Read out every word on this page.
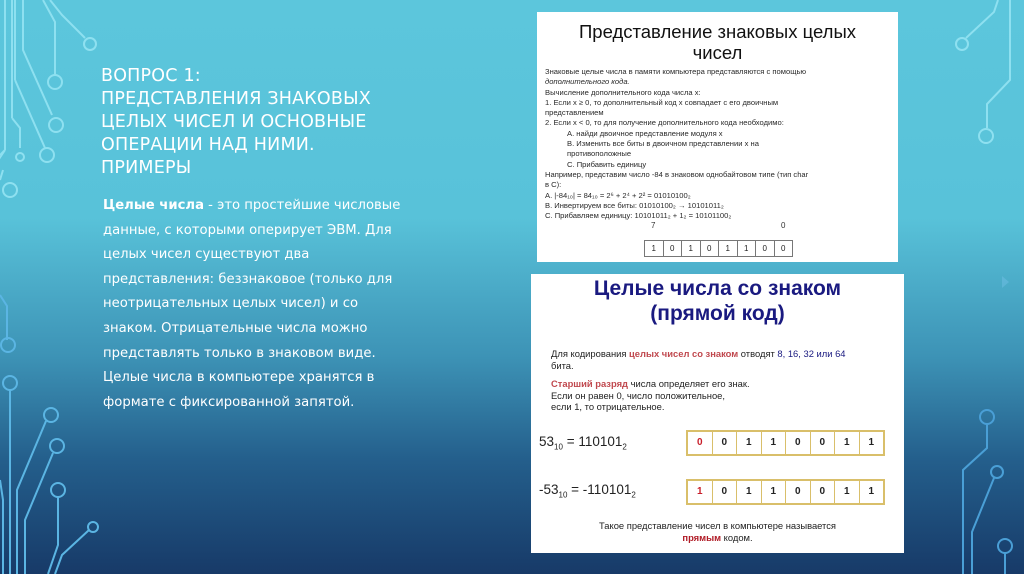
ВОПРОС 1:
ПРЕДСТАВЛЕНИЯ ЗНАКОВЫХ
ЦЕЛЫХ ЧИСЕЛ И ОСНОВНЫЕ
ОПЕРАЦИИ НАД НИМИ.
ПРИМЕРЫ
Целые числа - это простейшие числовые
данные, с которыми оперирует ЭВМ. Для
целых чисел существуют два
представления: беззнаковое (только для
неотрицательных целых чисел) и со
знаком. Отрицательные числа можно
представлять только в знаковом виде.
Целые числа в компьютере хранятся в
формате с фиксированной запятой.
Представление знаковых целых
чисел
Знаковые целые числа в памяти компьютера представляются с помощью
дополнительного кода.
Вычисление дополнительного кода числа x:
1. Если x ≥ 0, то дополнительный код x совпадает с его двоичным
представлением
2. Если x < 0, то для получение дополнительного кода необходимо:
A. найди двоичное представление модуля x
B. Изменить все биты в двоичном представлении x на
противоположные
C. Прибавить единицу
Например, представим число -84 в знаковом однобайтовом типе (тип char
в C):
A. |-84₁₀| = 84₁₀ = 2⁶ + 2⁴ + 2² = 01010100₂
B. Инвертируем все биты: 01010100₂ → 10101011₂
C. Прибавляем единицу: 10101011₂ + 1₂ = 10101100₂
7	0
1	0	1	0	1	1	0	0
Целые числа со знаком
(прямой код)
Для кодирования целых чисел со знаком отводят 8, 16, 32 или 64
бита.
Старший разряд числа определяет его знак.
Если он равен 0, число положительное,
если 1, то отрицательное.
$53_{10} = 110101_2$	0	0	1	1	0	0	1	1
$-53_{10} = -110101_2$	1	0	1	1	0	0	1	1
Такое представление чисел в компьютере называется
прямым кодом.
